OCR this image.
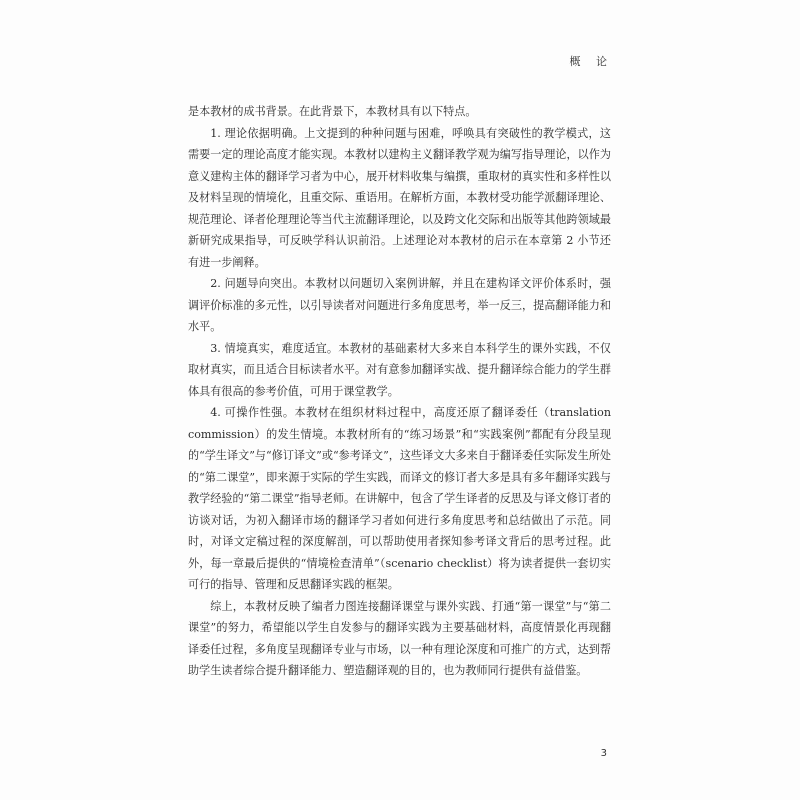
概 论

是本教材的成书背景。在此背景下，本教材具有以下特点。

1. 理论依据明确。上文提到的种种问题与困难，呼唤具有突破性的教学模式，这需要一定的理论高度才能实现。本教材以建构主义翻译教学观为编写指导理论，以作为意义建构主体的翻译学习者为中心，展开材料收集与编撰，重取材的真实性和多样性以及材料呈现的情境化，且重交际、重语用。在解析方面，本教材受功能学派翻译理论、规范理论、译者伦理理论等当代主流翻译理论，以及跨文化交际和出版等其他跨领域最新研究成果指导，可反映学科认识前沿。上述理论对本教材的启示在本章第 2 小节还有进一步阐释。

2. 问题导向突出。本教材以问题切入案例讲解，并且在建构译文评价体系时，强调评价标准的多元性，以引导读者对问题进行多角度思考，举一反三，提高翻译能力和水平。

3. 情境真实，难度适宜。本教材的基础素材大多来自本科学生的课外实践，不仅取材真实，而且适合目标读者水平。对有意参加翻译实战、提升翻译综合能力的学生群体具有很高的参考价值，可用于课堂教学。

4. 可操作性强。本教材在组织材料过程中，高度还原了翻译委任（translation commission）的发生情境。本教材所有的“练习场景”和“实践案例”都配有分段呈现的“学生译文”与“修订译文”或“参考译文”，这些译文大多来自于翻译委任实际发生所处的“第二课堂”，即来源于实际的学生实践，而译文的修订者大多是具有多年翻译实践与教学经验的“第二课堂”指导老师。在讲解中，包含了学生译者的反思及与译文修订者的访谈对话，为初入翻译市场的翻译学习者如何进行多角度思考和总结做出了示范。同时，对译文定稿过程的深度解剖，可以帮助使用者探知参考译文背后的思考过程。此外，每一章最后提供的“情境检查清单”（scenario checklist）将为读者提供一套切实可行的指导、管理和反思翻译实践的框架。

综上，本教材反映了编者力图连接翻译课堂与课外实践、打通“第一课堂”与“第二课堂”的努力，希望能以学生自发参与的翻译实践为主要基础材料，高度情景化再现翻译委任过程，多角度呈现翻译专业与市场，以一种有理论深度和可推广的方式，达到帮助学生读者综合提升翻译能力、塑造翻译观的目的，也为教师同行提供有益借鉴。

3
